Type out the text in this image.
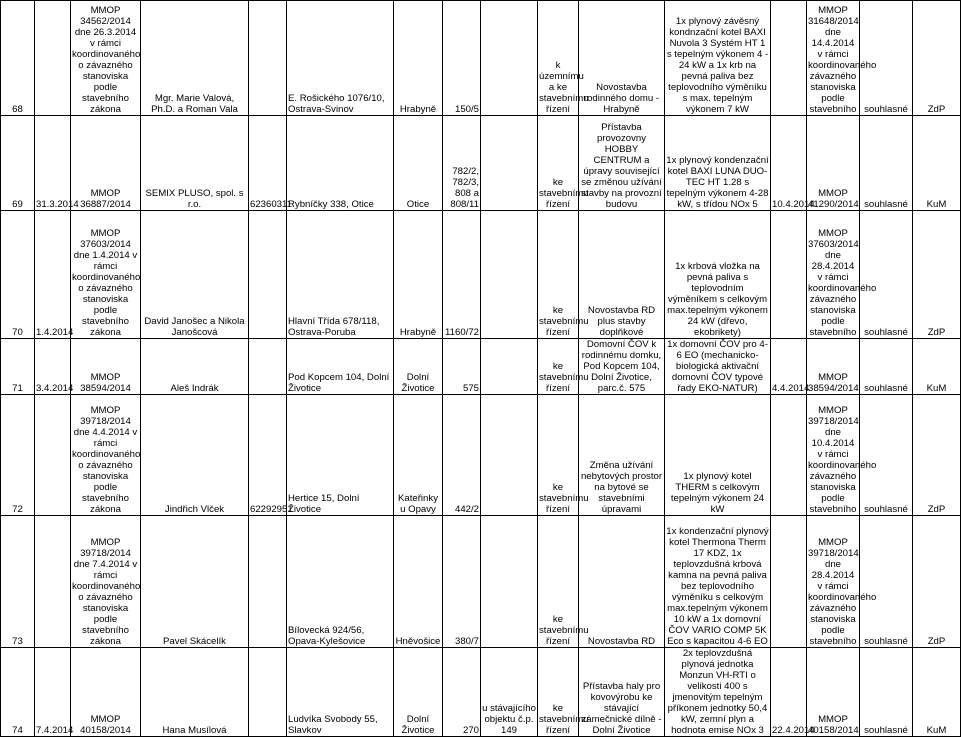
68		MMOP 34562/2014 dne 26.3.2014 v rámci koordinovaného o závazného stanoviska podle stavebního zákona	Mgr. Marie Valová, Ph.D. a Roman Vala		E. Rošického 1076/10, Ostrava-Svinov	Hrabyně	150/5		k územnímu a ke stavebnímu řízení	Novostavba rodinného domu - Hrabyně	1x plynový závěsný kondnzační kotel BAXI Nuvola 3 Systém HT 1 s tepelným výkonem 4 - 24 kW a 1x krb na pevná paliva bez teplovodního výměníku s max. tepelným výkonem 7 kW		MMOP 31648/2014 dne 14.4.2014 v rámci koordinovaného závazného stanoviska podle stavebního	souhlasné	ZdP
69	31.3.2014	MMOP 36887/2014	SEMIX PLUSO, spol. s r.o.	62360311	Rybníčky 338, Otice	Otice	782/2, 782/3, 808 a 808/11		ke stavebnímu řízení	Přístavba provozovny HOBBY CENTRUM a úpravy související se změnou užívání stavby na provozní budovu	1x plynový kondenzační kotel BAXI LUNA DUO-TEC HT 1.28 s tepelným výkonem 4-28 kW, s třídou NOx 5	10.4.2014	MMOP 41290/2014	souhlasné	KuM
70	1.4.2014	MMOP 37603/2014 dne 1.4.2014 v rámci koordinovaného o závazného stanoviska podle stavebního zákona	David Janošec a Nikola Janošcová		Hlavní Třída 678/118, Ostrava-Poruba	Hrabyně	1160/72		ke stavebnímu řízení	Novostavba RD plus stavby doplňkové	1x krbová vložka na pevná paliva s teplovodním výměníkem s celkovým max.tepelným výkonem 24 kW (dřevo, ekobrikety)		MMOP 37603/2014 dne 28.4.2014 v rámci koordinovaného závazného stanoviska podle stavebního	souhlasné	ZdP
71	3.4.2014	MMOP 38594/2014	Aleš Indrák		Pod Kopcem 104, Dolní Životice	Dolní Životice	575		ke stavebnímu řízení	Domovní ČOV k rodinnému domku, Pod Kopcem 104, Dolní Životice, parc.č. 575	1x domovní ČOV pro 4-6 EO (mechanicko-biologická aktivační domovní ČOV typové řady EKO-NATUR)	4.4.2014	MMOP 38594/2014	souhlasné	KuM
72		MMOP 39718/2014 dne 4.4.2014 v rámci koordinovaného o závazného stanoviska podle stavebního zákona	Jindřich Vlček	62292951	Hertice 15, Dolní Životice	Kateřinky u Opavy	442/2		ke stavebnímu řízení	Změna užívání nebytových prostor na bytové se stavebními úpravami	1x plynový kotel THERM s celkovým tepelným výkonem 24 kW		MMOP 39718/2014 dne 10.4.2014 v rámci koordinovaného závazného stanoviska podle stavebního	souhlasné	ZdP
73		MMOP 39718/2014 dne 7.4.2014 v rámci koordinovaného o závazného stanoviska podle stavebního zákona	Pavel Skácelík		Bílovecká 924/56, Opava-Kylešovice	Hněvošice	380/7		ke stavebnímu řízení	Novostavba RD	1x kondenzační plynový kotel Thermona Therm 17 KDZ, 1x teplovzdušná krbová kamna na pevná paliva bez teplovodního výměníku s celkovým max.tepelným výkonem 10 kW a 1x domovní ČOV VARIO COMP 5K Eco s kapacitou 4-6 EO		MMOP 39718/2014 dne 28.4.2014 v rámci koordinovaného závazného stanoviska podle stavebního	souhlasné	ZdP
74	7.4.2014	MMOP 40158/2014	Hana Musílová		Ludvíka Svobody 55, Slavkov	Dolní Životice	270	u stávajícího objektu č.p. 149	ke stavebnímu řízení	Přístavba haly pro kovovýrobu ke stávající zámečnické dílně - Dolní Životice	2x teplovzdušná plynová jednotka Monzun VH-RTI o velikosti 400 s jmenovitým tepelným příkonem jednotky 50,4 kW, zemní plyn a hodnota emise NOx 3	22.4.2014	MMOP 40158/2014	souhlasné	KuM
